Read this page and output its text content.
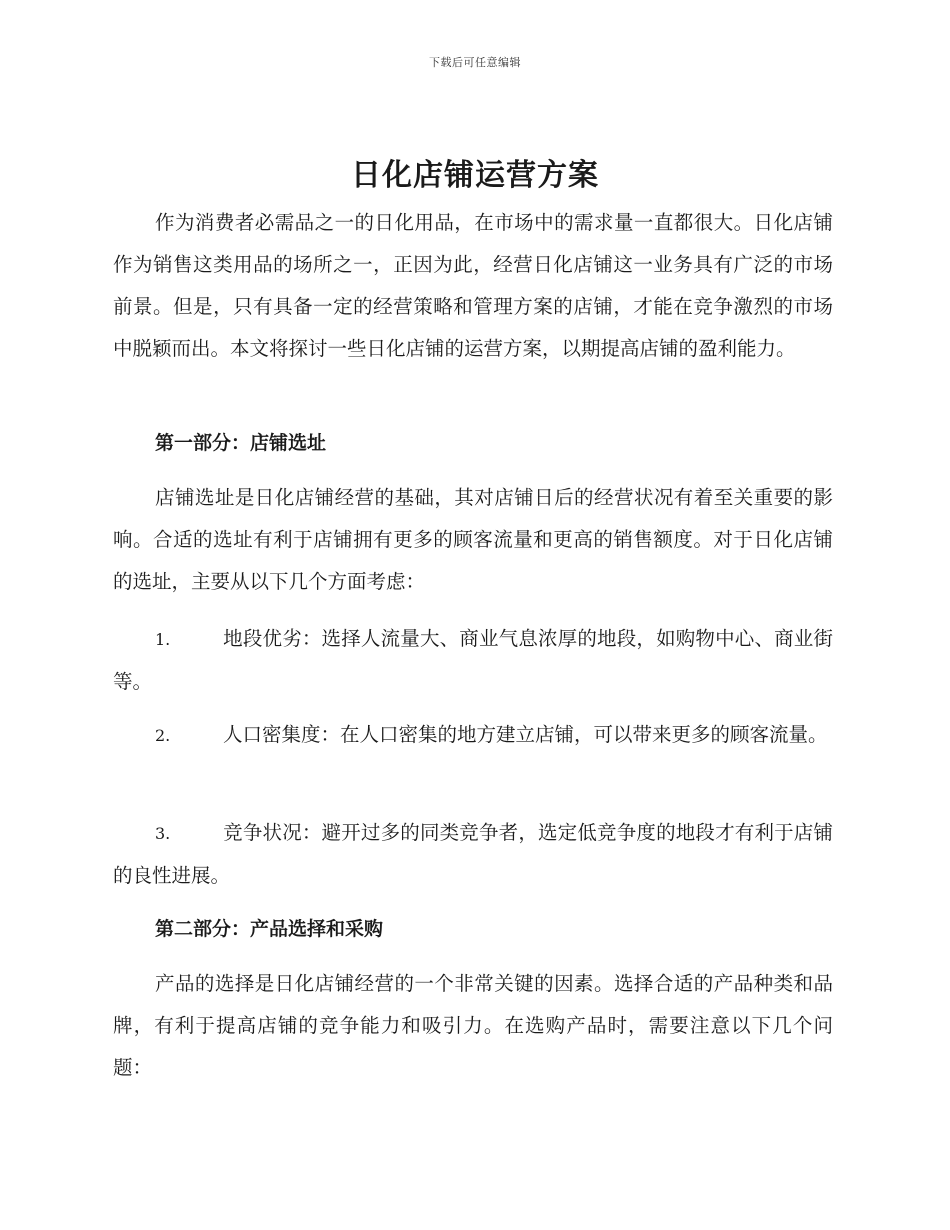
下载后可任意编辑
日化店铺运营方案

作为消费者必需品之一的日化用品，在市场中的需求量一直都很大。日化店铺作为销售这类用品的场所之一，正因为此，经营日化店铺这一业务具有广泛的市场前景。但是，只有具备一定的经营策略和管理方案的店铺，才能在竞争激烈的市场中脱颖而出。本文将探讨一些日化店铺的运营方案，以期提高店铺的盈利能力。

第一部分：店铺选址

店铺选址是日化店铺经营的基础，其对店铺日后的经营状况有着至关重要的影响。合适的选址有利于店铺拥有更多的顾客流量和更高的销售额度。对于日化店铺的选址，主要从以下几个方面考虑：

1.	地段优劣：选择人流量大、商业气息浓厚的地段，如购物中心、商业街等。

2.	人口密集度：在人口密集的地方建立店铺，可以带来更多的顾客流量。

3.	竞争状况：避开过多的同类竞争者，选定低竞争度的地段才有利于店铺的良性进展。

第二部分：产品选择和采购

产品的选择是日化店铺经营的一个非常关键的因素。选择合适的产品种类和品牌，有利于提高店铺的竞争能力和吸引力。在选购产品时，需要注意以下几个问题：
